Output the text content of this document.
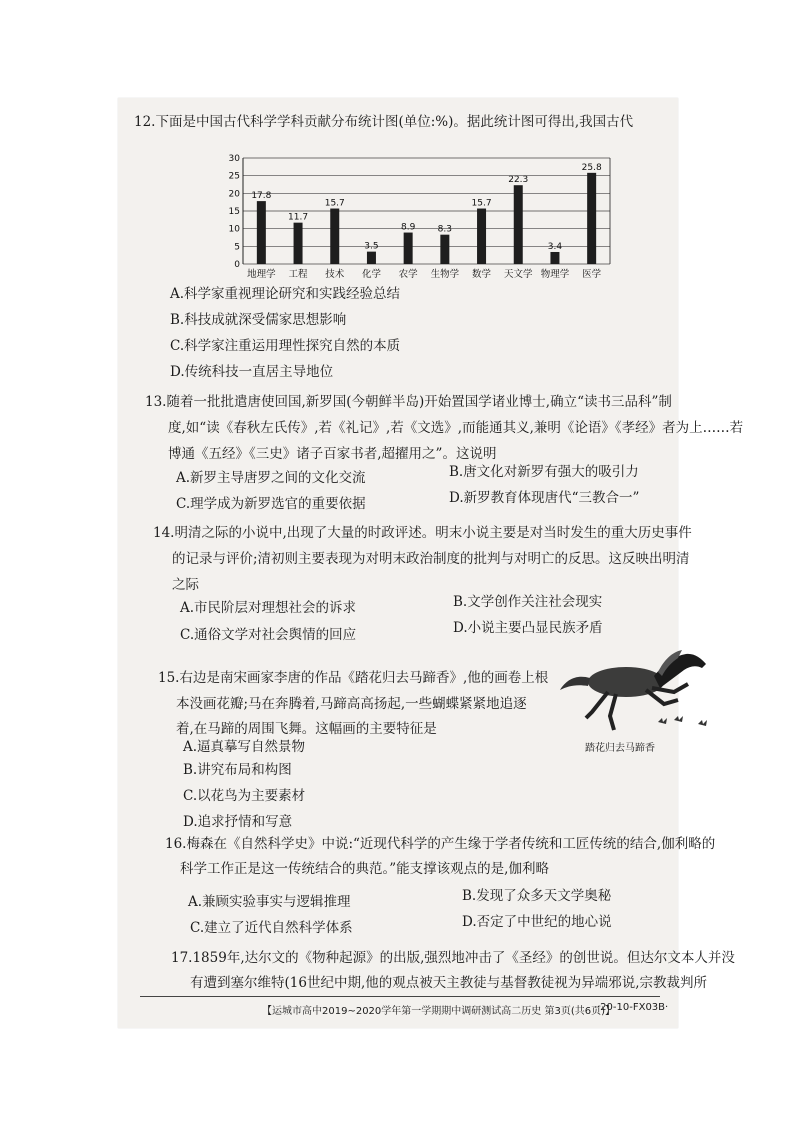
12.下面是中国古代科学学科贡献分布统计图(单位:%)。据此统计图可得出,我国古代
0
5
10
15
20
25
30
17.8
地理学
11.7
工程
15.7
技术
3.5
化学
8.9
农学
8.3
生物学
15.7
数学
22.3
天文学
3.4
物理学
25.8
医学
A.科学家重视理论研究和实践经验总结
B.科技成就深受儒家思想影响
C.科学家注重运用理性探究自然的本质
D.传统科技一直居主导地位
13.随着一批批遣唐使回国,新罗国(今朝鲜半岛)开始置国学诸业博士,确立“读书三品科”制
度,如“读《春秋左氏传》,若《礼记》,若《文选》,而能通其义,兼明《论语》《孝经》者为上……若
博通《五经》《三史》诸子百家书者,超擢用之”。这说明
A.新罗主导唐罗之间的文化交流	B.唐文化对新罗有强大的吸引力
C.理学成为新罗选官的重要依据	D.新罗教育体现唐代“三教合一”
14.明清之际的小说中,出现了大量的时政评述。明末小说主要是对当时发生的重大历史事件
的记录与评价;清初则主要表现为对明末政治制度的批判与对明亡的反思。这反映出明清
之际
A.市民阶层对理想社会的诉求	B.文学创作关注社会现实
C.通俗文学对社会舆情的回应	D.小说主要凸显民族矛盾
15.右边是南宋画家李唐的作品《踏花归去马蹄香》,他的画卷上根
本没画花瓣;马在奔腾着,马蹄高高扬起,一些蝴蝶紧紧地追逐
着,在马蹄的周围飞舞。这幅画的主要特征是
A.逼真摹写自然景物
B.讲究布局和构图
C.以花鸟为主要素材
D.追求抒情和写意
踏花归去马蹄香
16.梅森在《自然科学史》中说:“近现代科学的产生缘于学者传统和工匠传统的结合,伽利略的
科学工作正是这一传统结合的典范。”能支撑该观点的是,伽利略
A.兼顾实验事实与逻辑推理	B.发现了众多天文学奥秘
C.建立了近代自然科学体系	D.否定了中世纪的地心说
17.1859年,达尔文的《物种起源》的出版,强烈地冲击了《圣经》的创世说。但达尔文本人并没
有遭到塞尔维特(16世纪中期,他的观点被天主教徒与基督教徒视为异端邪说,宗教裁判所
【运城市高中2019~2020学年第一学期期中调研测试高二历史 第3页(共6页)】
·20-10-FX03B·
